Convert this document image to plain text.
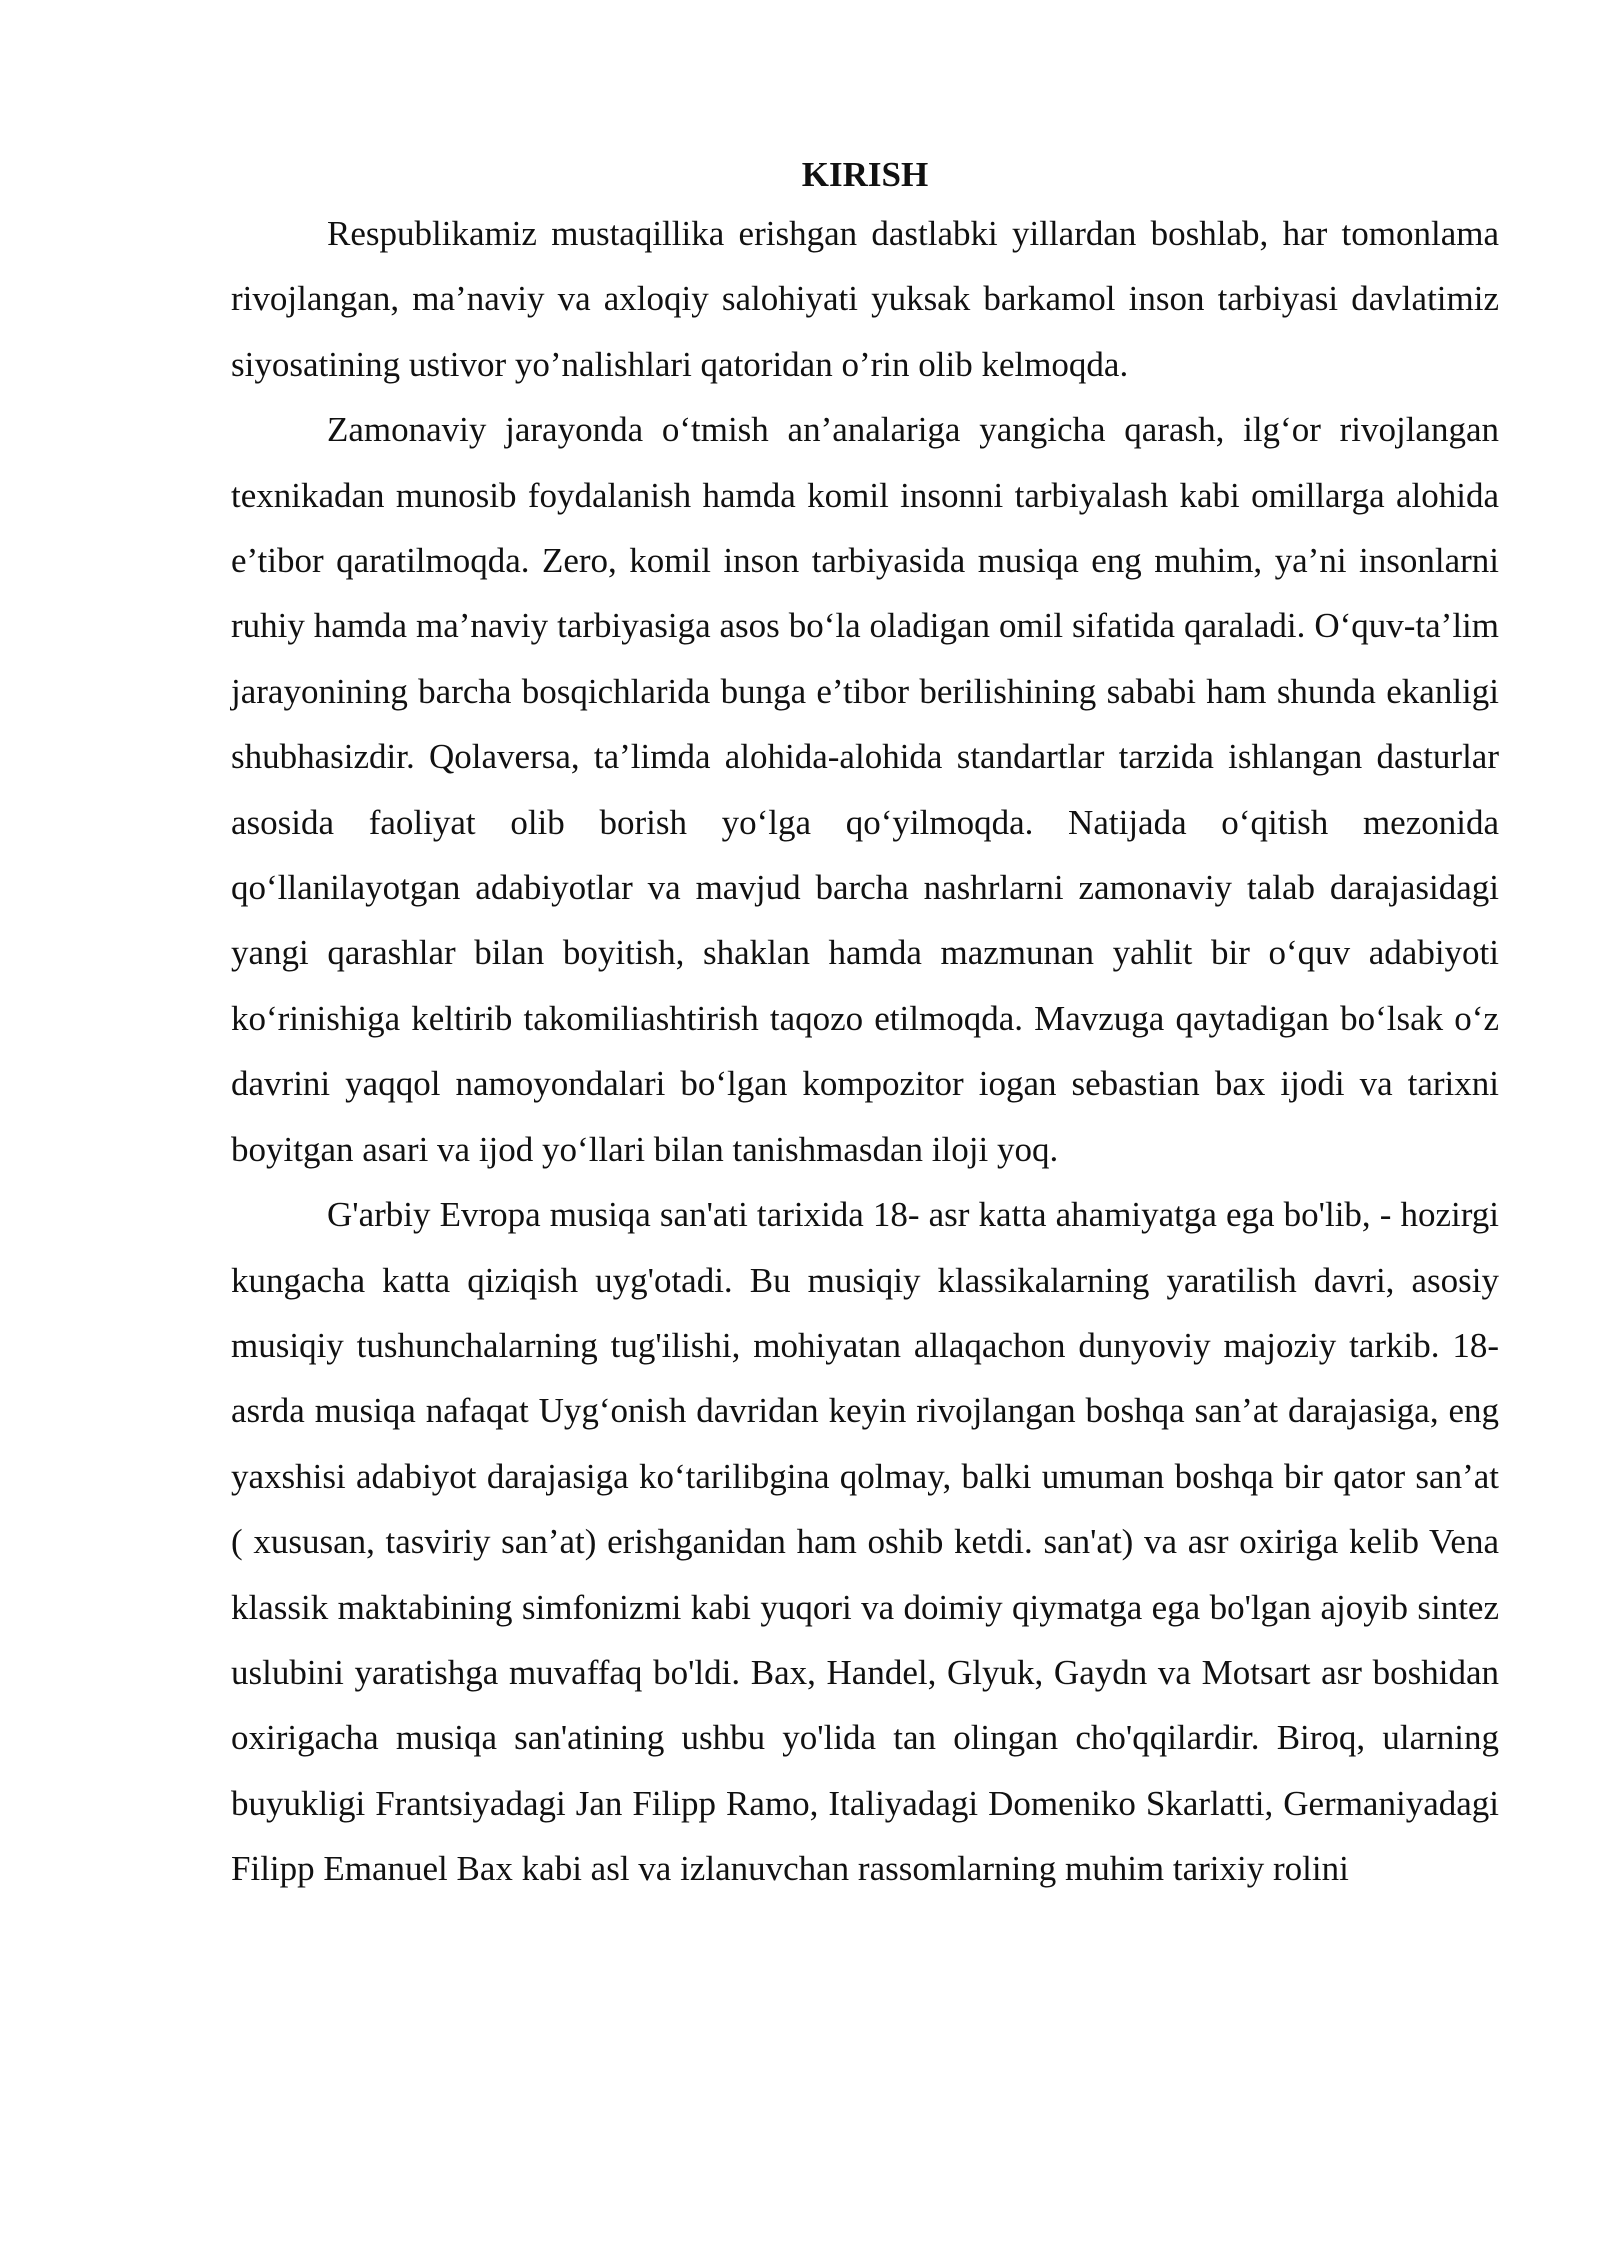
KIRISH

Respublikamiz mustaqillika erishgan dastlabki yillardan boshlab, har tomonlama rivojlangan, ma’naviy va axloqiy salohiyati yuksak barkamol inson tarbiyasi davlatimiz siyosatining ustivor yo’nalishlari qatoridan o’rin olib kelmoqda.

Zamonaviy jarayonda o‘tmish an’analariga yangicha qarash, ilg‘or rivojlangan texnikadan munosib foydalanish hamda komil insonni tarbiyalash kabi omillarga alohida e’tibor qaratilmoqda. Zero, komil inson tarbiyasida musiqa eng muhim, ya’ni insonlarni ruhiy hamda ma’naviy tarbiyasiga asos bo‘la oladigan omil sifatida qaraladi. O‘quv-ta’lim jarayonining barcha bosqichlarida bunga e’tibor berilishining sababi ham shunda ekanligi shubhasizdir. Qolaversa, ta’limda alohida-alohida standartlar tarzida ishlangan dasturlar asosida faoliyat olib borish yo‘lga qo‘yilmoqda. Natijada o‘qitish mezonida qo‘llanilayotgan adabiyotlar va mavjud barcha nashrlarni zamonaviy talab darajasidagi yangi qarashlar bilan boyitish, shaklan hamda mazmunan yahlit bir o‘quv adabiyoti ko‘rinishiga keltirib takomiliashtirish taqozo etilmoqda. Mavzuga qaytadigan bo‘lsak o‘z davrini yaqqol namoyondalari bo‘lgan kompozitor iogan sebastian bax ijodi va tarixni boyitgan asari va ijod yo‘llari bilan tanishmasdan iloji yoq.

G'arbiy Evropa musiqa san'ati tarixida 18- asr katta ahamiyatga ega bo'lib, - hozirgi kungacha katta qiziqish uyg'otadi. Bu musiqiy klassikalarning yaratilish davri, asosiy musiqiy tushunchalarning tug'ilishi, mohiyatan allaqachon dunyoviy majoziy tarkib. 18- asrda musiqa nafaqat Uyg‘onish davridan keyin rivojlangan boshqa san’at darajasiga, eng yaxshisi adabiyot darajasiga ko‘tarilibgina qolmay, balki umuman boshqa bir qator san’at ( xususan, tasviriy san’at) erishganidan ham oshib ketdi. san'at) va asr oxiriga kelib Vena klassik maktabining simfonizmi kabi yuqori va doimiy qiymatga ega bo'lgan ajoyib sintez uslubini yaratishga muvaffaq bo'ldi. Bax, Handel, Glyuk, Gaydn va Motsart asr boshidan oxirigacha musiqa san'atining ushbu yo'lida tan olingan cho'qqilardir. Biroq, ularning buyukligi Frantsiyadagi Jan Filipp Ramo, Italiyadagi Domeniko Skarlatti, Germaniyadagi Filipp Emanuel Bax kabi asl va izlanuvchan rassomlarning muhim tarixiy rolini
